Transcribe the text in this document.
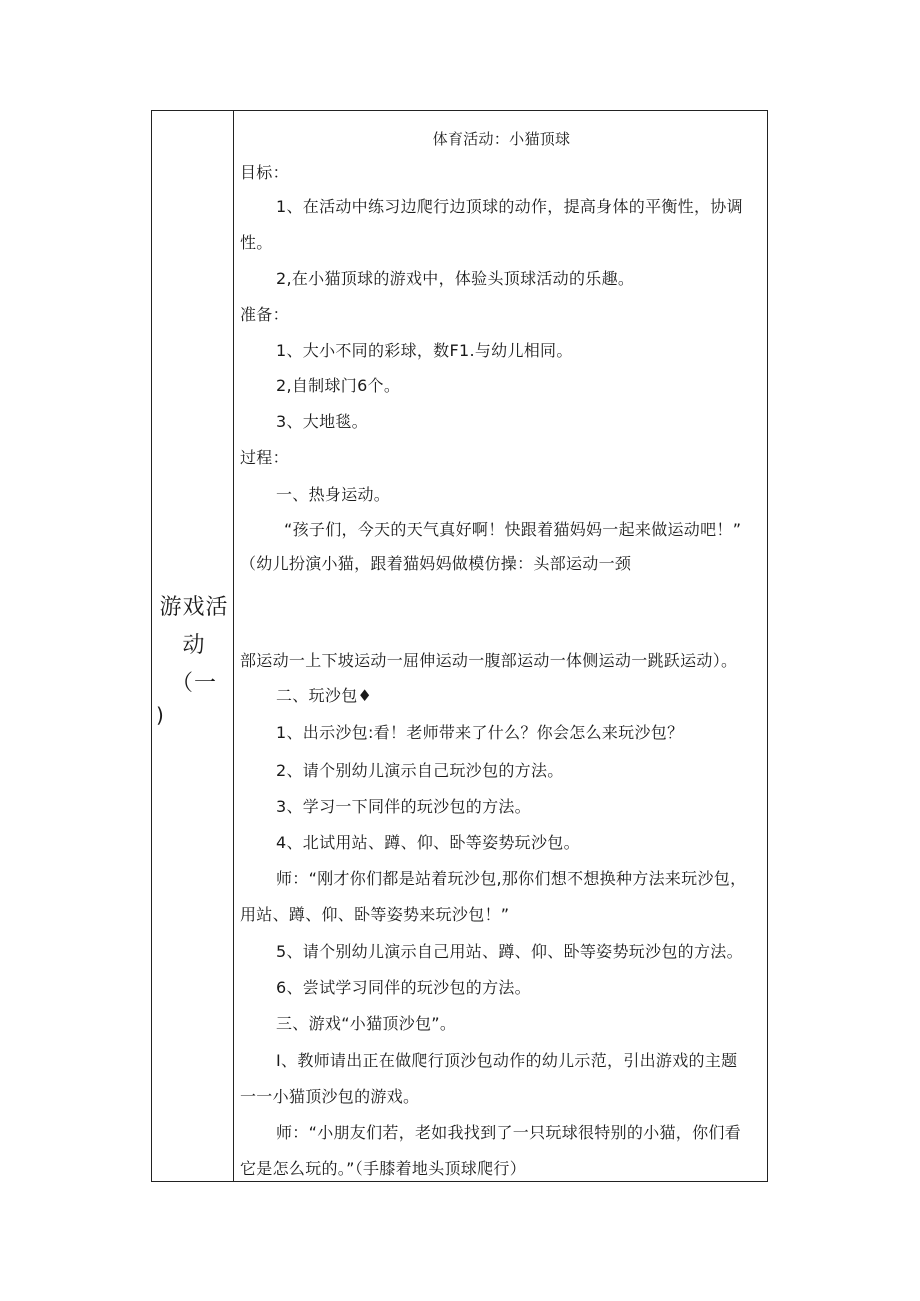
游戏活
动
（一
)
体育活动：小猫顶球
目标：
1、在活动中练习边爬行边顶球的动作，提高身体的平衡性，协调
性。
2,在小猫顶球的游戏中，体验头顶球活动的乐趣。
准备：
1、大小不同的彩球，数F1.与幼儿相同。
2,自制球门6个。
3、大地毯。
过程：
一、热身运动。
“孩子们，今天的天气真好啊！快跟着猫妈妈一起来做运动吧！”
（幼儿扮演小猫，跟着猫妈妈做模仿操：头部运动一颈
部运动一上下坡运动一屈伸运动一腹部运动一体侧运动一跳跃运动）。
二、玩沙包♦
1、出示沙包:看！老师带来了什么？你会怎么来玩沙包？
2、请个别幼儿演示自己玩沙包的方法。
3、学习一下同伴的玩沙包的方法。
4、北试用站、蹲、仰、卧等姿势玩沙包。
师：“刚才你们都是站着玩沙包,那你们想不想换种方法来玩沙包，
用站、蹲、仰、卧等姿势来玩沙包！”
5、请个别幼儿演示自己用站、蹲、仰、卧等姿势玩沙包的方法。
6、尝试学习同伴的玩沙包的方法。
三、游戏“小猫顶沙包”。
I、教师请出正在做爬行顶沙包动作的幼儿示范，引出游戏的主题
一一小猫顶沙包的游戏。
师：“小朋友们若，老如我找到了一只玩球很特别的小猫，你们看
它是怎么玩的。”（手膝着地头顶球爬行）
